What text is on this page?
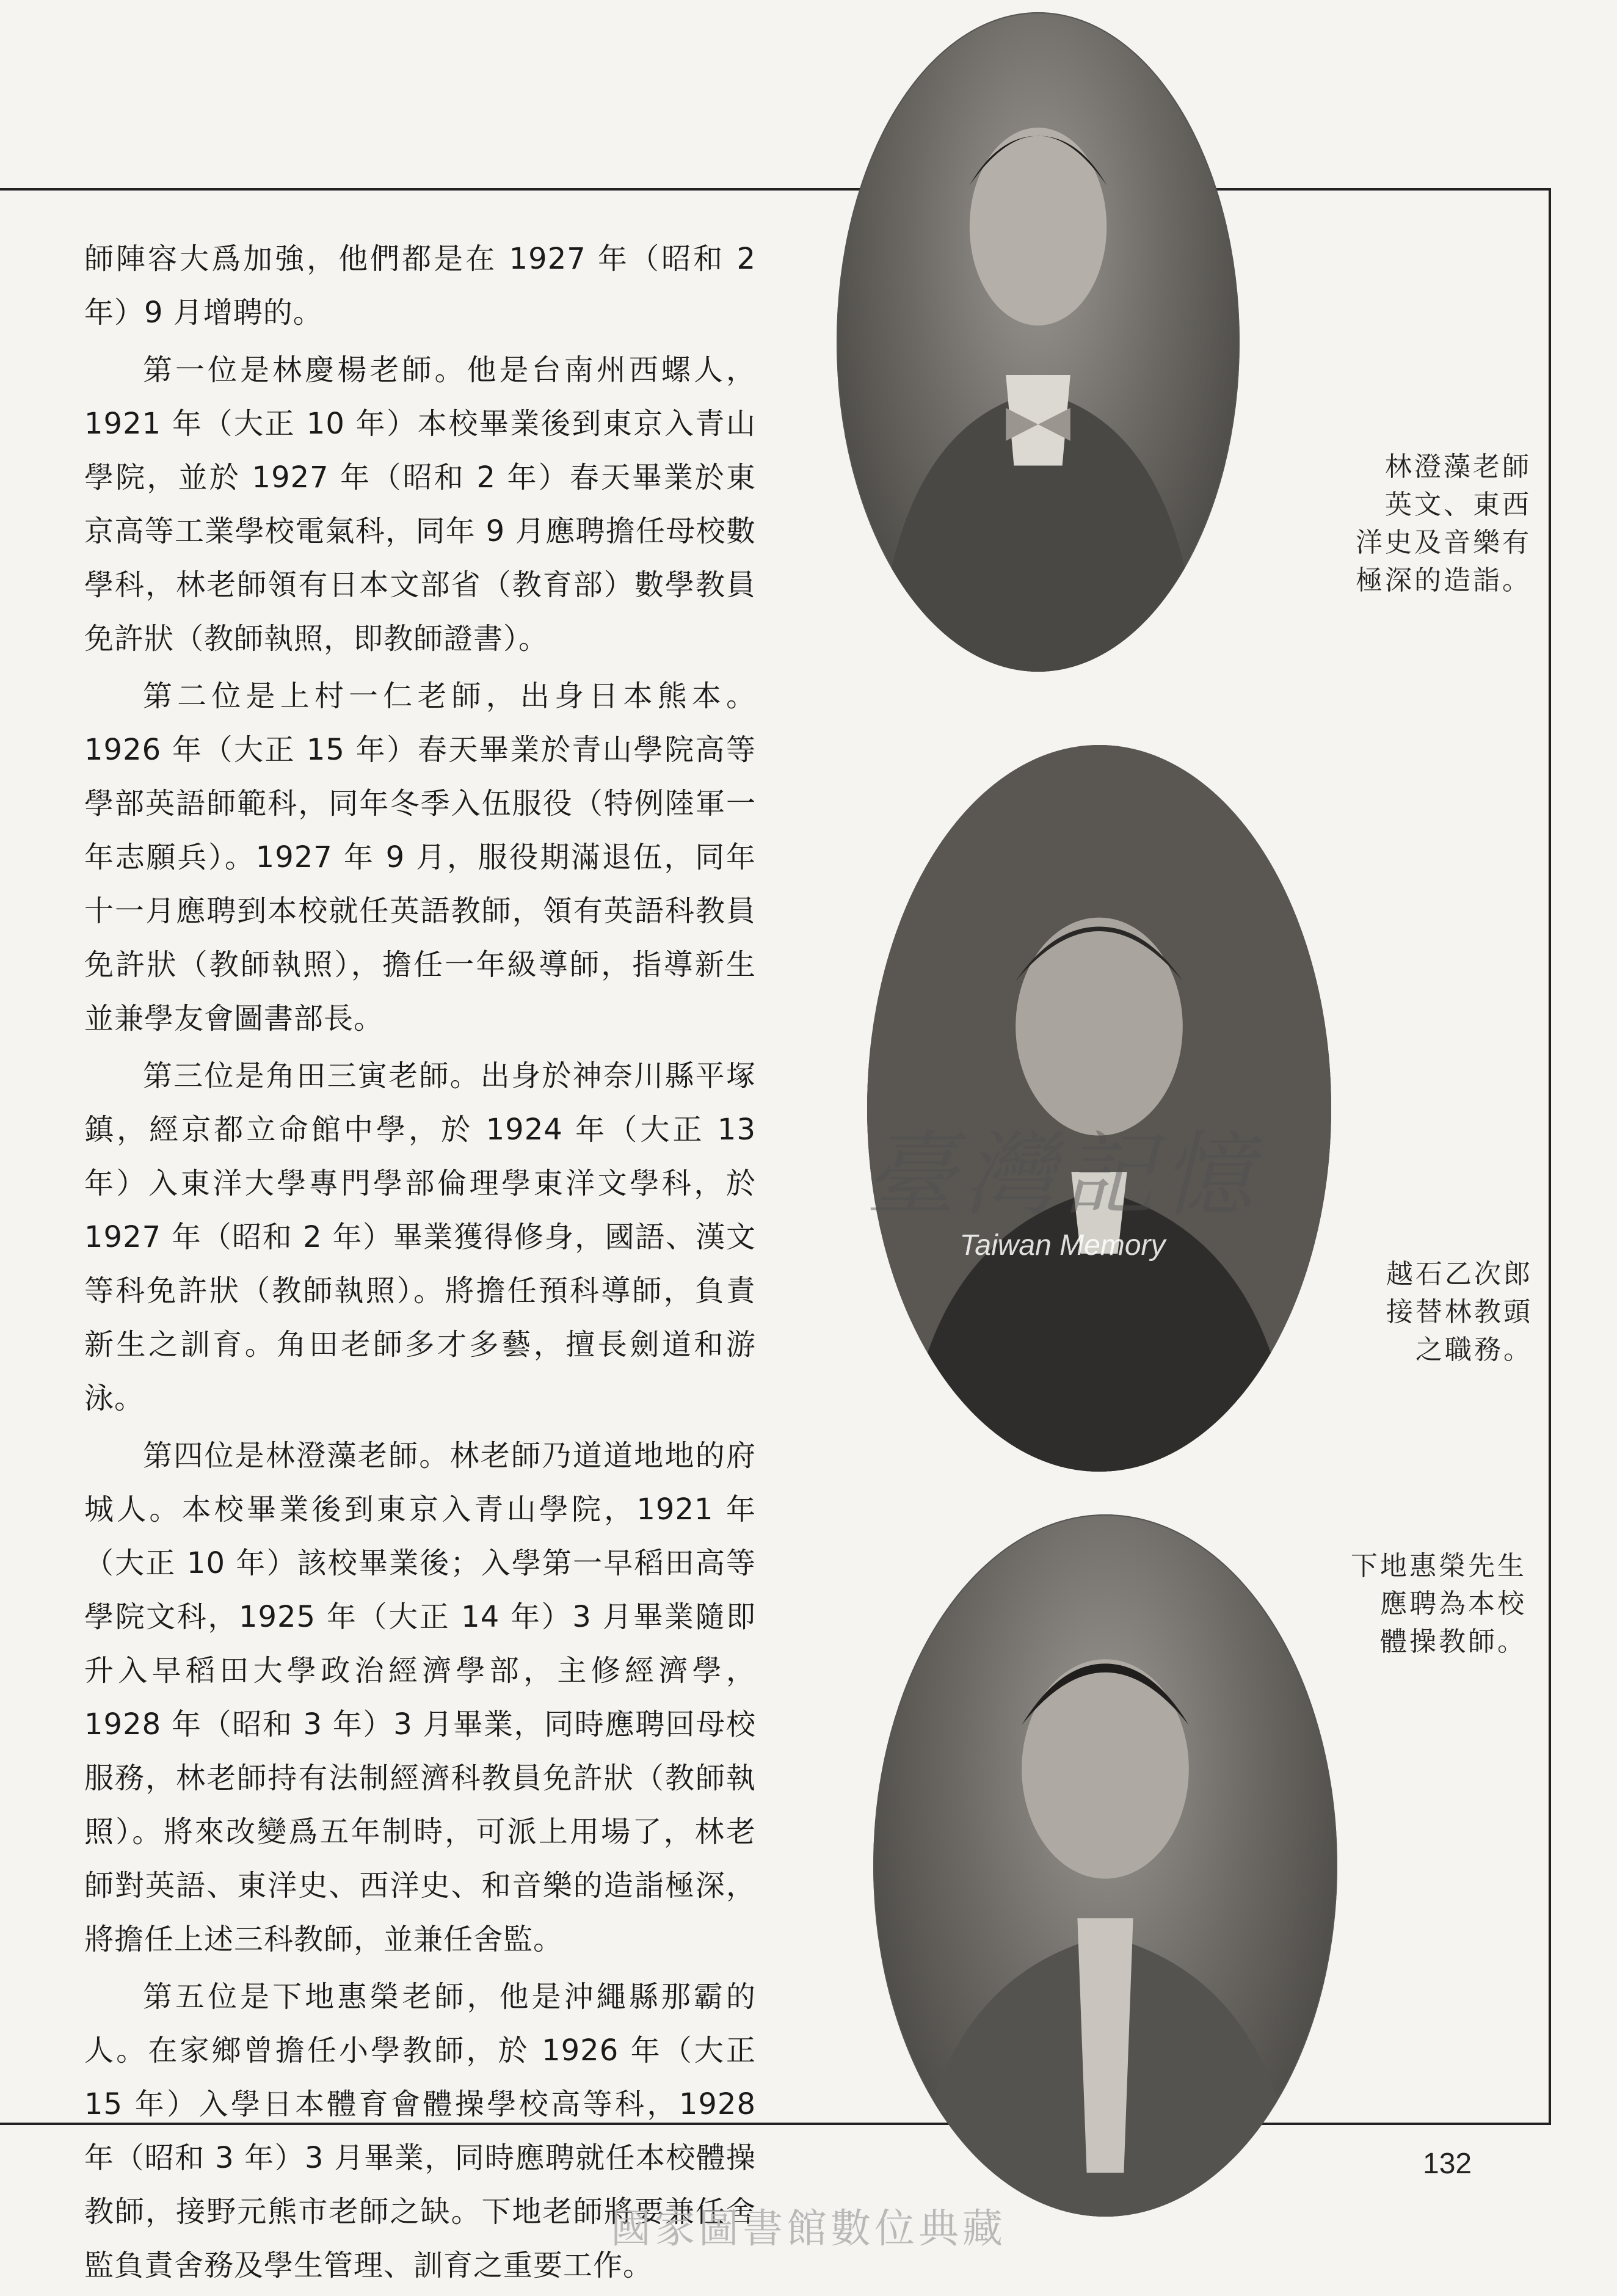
師陣容大爲加強，他們都是在 1927 年（昭和 2 年）9 月增聘的。

第一位是林慶楊老師。他是台南州西螺人，1921 年（大正 10 年）本校畢業後到東京入青山學院，並於 1927 年（昭和 2 年）春天畢業於東京高等工業學校電氣科，同年 9 月應聘擔任母校數學科，林老師領有日本文部省（教育部）數學教員免許狀（教師執照，即教師證書）。

第二位是上村一仁老師，出身日本熊本。1926 年（大正 15 年）春天畢業於青山學院高等學部英語師範科，同年冬季入伍服役（特例陸軍一年志願兵）。1927 年 9 月，服役期滿退伍，同年十一月應聘到本校就任英語教師，領有英語科教員免許狀（教師執照），擔任一年級導師，指導新生並兼學友會圖書部長。

第三位是角田三寅老師。出身於神奈川縣平塚鎮，經京都立命館中學，於 1924 年（大正 13 年）入東洋大學專門學部倫理學東洋文學科，於 1927 年（昭和 2 年）畢業獲得修身，國語、漢文等科免許狀（教師執照）。將擔任預科導師，負責新生之訓育。角田老師多才多藝，擅長劍道和游泳。

第四位是林澄藻老師。林老師乃道道地地的府城人。本校畢業後到東京入青山學院，1921 年（大正 10 年）該校畢業後；入學第一早稻田高等學院文科，1925 年（大正 14 年）3 月畢業隨即升入早稻田大學政治經濟學部，主修經濟學，1928 年（昭和 3 年）3 月畢業，同時應聘回母校服務，林老師持有法制經濟科教員免許狀（教師執照）。將來改變爲五年制時，可派上用場了，林老師對英語、東洋史、西洋史、和音樂的造詣極深，將擔任上述三科教師，並兼任舍監。

第五位是下地惠榮老師，他是沖繩縣那霸的人。在家鄉曾擔任小學教師，於 1926 年（大正 15 年）入學日本體育會體操學校高等科，1928 年（昭和 3 年）3 月畢業，同時應聘就任本校體操教師，接野元熊市老師之缺。下地老師將要兼任舍監負責舍務及學生管理、訓育之重要工作。

林澄藻老師
英文、東西
洋史及音樂有
極深的造詣。
越石乙次郎
接替林教頭
之職務。
下地惠榮先生
應聘為本校
體操教師。
臺灣記憶
Taiwan Memory
132
國家圖書館數位典藏
